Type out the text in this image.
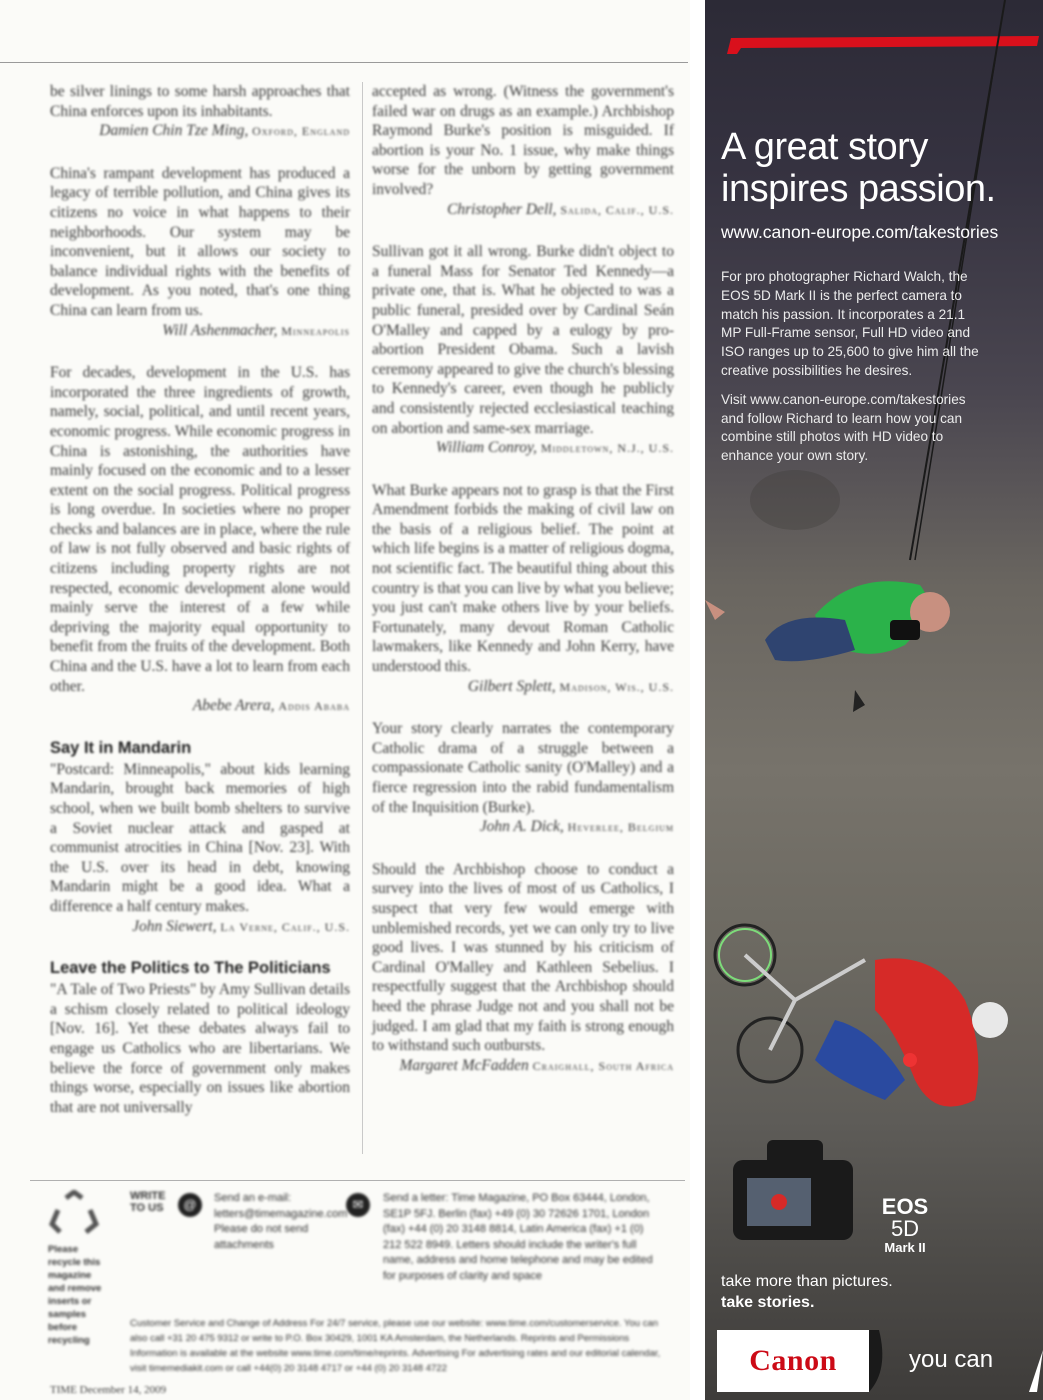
be silver linings to some harsh approaches that China enforces upon its inhabitants.

Damien Chin Tze Ming, Oxford, England

China's rampant development has produced a legacy of terrible pollution, and China gives its citizens no voice in what happens to their neighborhoods. Our system may be inconvenient, but it allows our society to balance individual rights with the benefits of development. As you noted, that's one thing China can learn from us.

Will Ashenmacher, Minneapolis

For decades, development in the U.S. has incorporated the three ingredients of growth, namely, social, political, and until recent years, economic progress. While economic progress in China is astonishing, the authorities have mainly focused on the economic and to a lesser extent on the social progress. Political progress is long overdue. In societies where no proper checks and balances are in place, where the rule of law is not fully observed and basic rights of citizens including property rights are not respected, economic development alone would mainly serve the interest of a few while depriving the majority equal opportunity to benefit from the fruits of the development. Both China and the U.S. have a lot to learn from each other.

Abebe Arera, Addis Ababa

Say It in Mandarin

"Postcard: Minneapolis," about kids learning Mandarin, brought back memories of high school, when we built bomb shelters to survive a Soviet nuclear attack and gasped at communist atrocities in China [Nov. 23]. With the U.S. over its head in debt, knowing Mandarin might be a good idea. What a difference a half century makes.

John Siewert, La Verne, Calif., U.S.

Leave the Politics to The Politicians

"A Tale of Two Priests" by Amy Sullivan details a schism closely related to political ideology [Nov. 16]. Yet these debates always fail to engage us Catholics who are libertarians. We believe the force of government only makes things worse, especially on issues like abortion that are not universally

accepted as wrong. (Witness the government's failed war on drugs as an example.) Archbishop Raymond Burke's position is misguided. If abortion is your No. 1 issue, why make things worse for the unborn by getting government involved?

Christopher Dell, Salida, Calif., U.S.

Sullivan got it all wrong. Burke didn't object to a funeral Mass for Senator Ted Kennedy—a private one, that is. What he objected to was a public funeral, presided over by Cardinal Seán O'Malley and capped by a eulogy by pro-abortion President Obama. Such a lavish ceremony appeared to give the church's blessing to Kennedy's career, even though he publicly and consistently rejected ecclesiastical teaching on abortion and same-sex marriage.

William Conroy, Middletown, N.J., U.S.

What Burke appears not to grasp is that the First Amendment forbids the making of civil law on the basis of a religious belief. The point at which life begins is a matter of religious dogma, not scientific fact. The beautiful thing about this country is that you can live by what you believe; you just can't make others live by your beliefs. Fortunately, many devout Roman Catholic lawmakers, like Kennedy and John Kerry, have understood this.

Gilbert Splett, Madison, Wis., U.S.

Your story clearly narrates the contemporary Catholic drama of a struggle between a compassionate Catholic sanity (O'Malley) and a fierce regression into the rabid fundamentalism of the Inquisition (Burke).

John A. Dick, Heverlee, Belgium

Should the Archbishop choose to conduct a survey into the lives of most of us Catholics, I suspect that very few would emerge with unblemished records, yet we can only try to live good lives. I was stunned by his criticism of Cardinal O'Malley and Kathleen Sebelius. I respectfully suggest that the Archbishop should heed the phrase Judge not and you shall not be judged. I am glad that my faith is strong enough to withstand such outbursts.

Margaret McFadden Craighall, South Africa

Please recycle this magazine and remove inserts or samples before recycling
WRITE TO US	@	Send an e-mail: letters@timemagazine.com Please do not send attachments
✉	Send a letter: Time Magazine, PO Box 63444, London, SE1P 5FJ. Berlin (fax) +49 (0) 30 72626 1701, London (fax) +44 (0) 20 3148 8814, Latin America (fax) +1 (0) 212 522 8949. Letters should include the writer's full name, address and home telephone and may be edited for purposes of clarity and space
Customer Service and Change of Address For 24/7 service, please use our website: www.time.com/customerservice. You can also call +31 20 475 9312 or write to P.O. Box 30429, 1001 KA Amsterdam, the Netherlands. Reprints and Permissions Information is available at the website www.time.com/time/reprints. Advertising For advertising rates and our editorial calendar, visit timemediakit.com or call +44(0) 20 3148 4717 or +44 (0) 20 3148 4722
TIME December 14, 2009
A great story inspires passion.
www.canon-europe.com/takestories

For pro photographer Richard Walch, the EOS 5D Mark II is the perfect camera to match his passion. It incorporates a 21.1 MP Full-Frame sensor, Full HD video and ISO ranges up to 25,600 to give him all the creative possibilities he desires.

Visit www.canon-europe.com/takestories and follow Richard to learn how you can combine still photos with HD video to enhance your own story.

EOS
5D
Mark II
take more than pictures.
take stories.
Canon	you can
